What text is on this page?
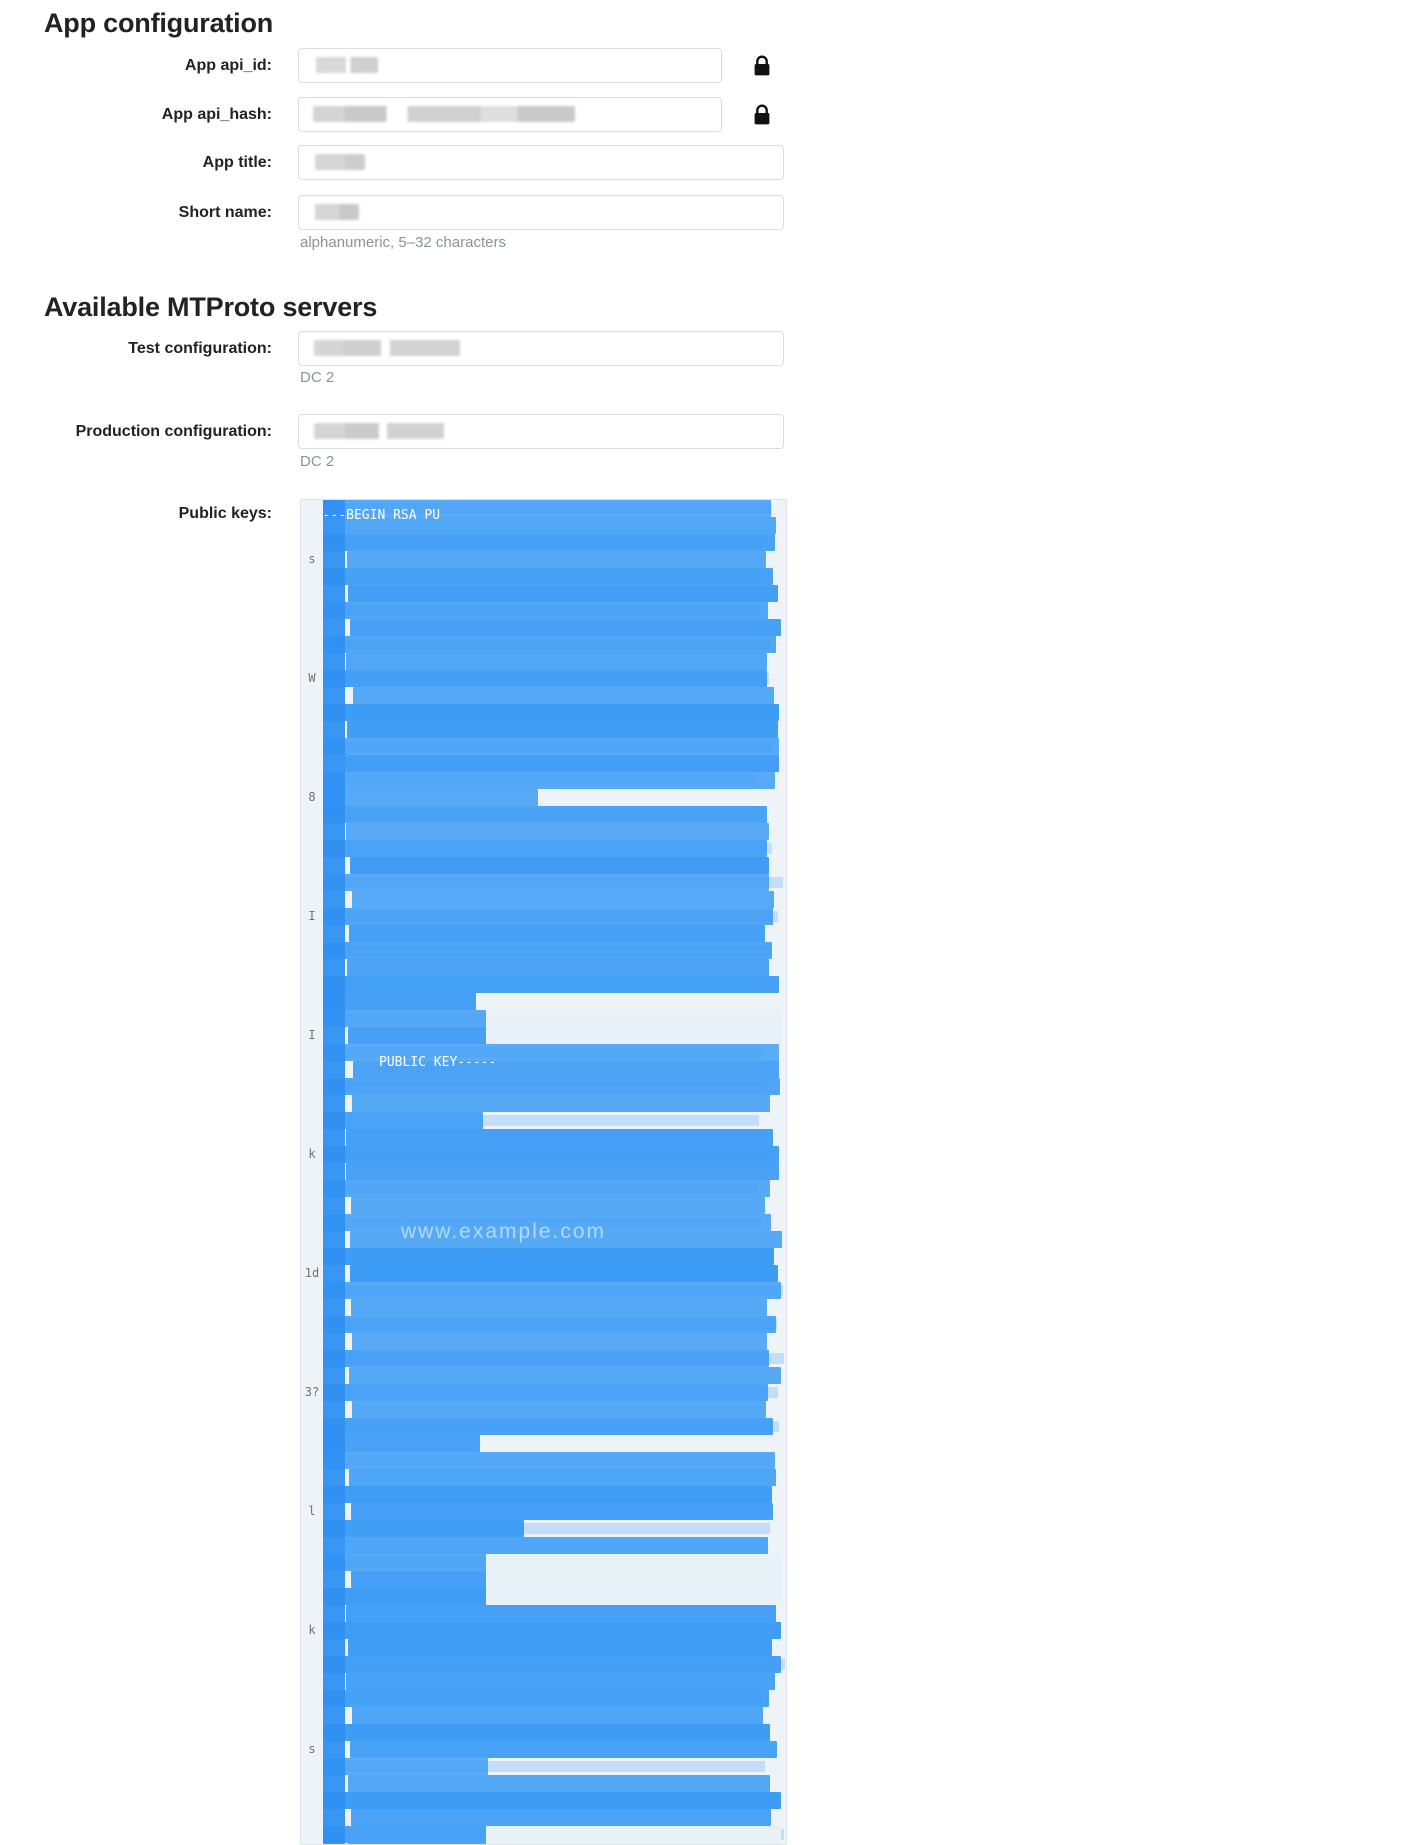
App configuration
App api_id:
App api_hash:
App title:
Short name:
alphanumeric, 5–32 characters
Available MTProto servers
Test configuration:
DC 2
Production configuration:
DC 2
Public keys:

s

W

8

I

I

k

1d

3?

l

k

s

-----BEGIN RSA PU
PUBLIC KEY-----
www.example.com
